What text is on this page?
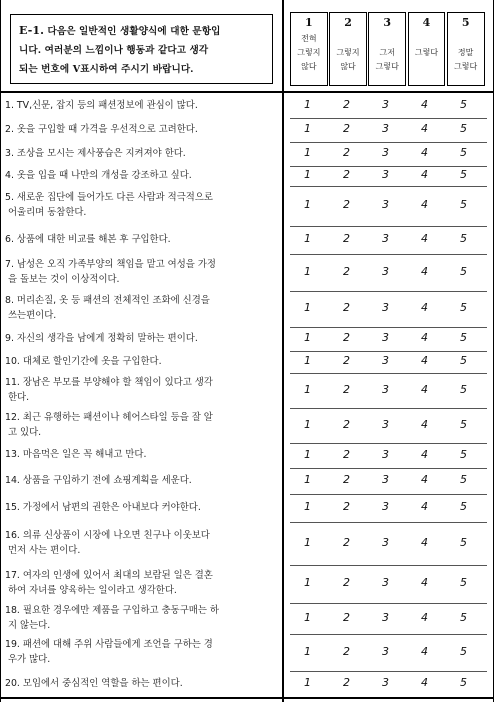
E-1. 다음은 일반적인 생활양식에 대한 문항입
니다. 여러분의 느낌이나 행동과 같다고 생각
되는 번호에 V표시하여 주시기 바랍니다.
1
전혀
그렇지
않다
2
그렇지
않다
3
그저
그렇다
4
그렇다
5
정말
그렇다
1. TV,신문, 잡지 등의 패션정보에 관심이 많다.	1	2	3	4	5
2. 옷을 구입할 때 가격을 우선적으로 고려한다.	1	2	3	4	5
3. 조상을 모시는 제사풍습은 지켜져야 한다.	1	2	3	4	5
4. 옷을 입을 때 나만의 개성을 강조하고 싶다.	1	2	3	4	5
5. 새로운 집단에 들어가도 다른 사람과 적극적으로
어울리며 동참한다.
1	2	3	4	5
6. 상품에 대한 비교를 해본 후 구입한다.	1	2	3	4	5
7. 남성은 오직 가족부양의 책임을 맡고 여성을 가정
을 돌보는 것이 이상적이다.
1	2	3	4	5
8. 머리손질, 옷 등 패션의 전체적인 조화에 신경을
쓰는편이다.
1	2	3	4	5
9. 자신의 생각을 남에게 정확히 말하는 편이다.	1	2	3	4	5
10. 대체로 할인기간에 옷을 구입한다.	1	2	3	4	5
11. 장남은 부모를 부양해야 할 책임이 있다고 생각
한다.
1	2	3	4	5
12. 최근 유행하는 패션이나 헤어스타일 등을 잘 알
고 있다.
1	2	3	4	5
13. 마음먹은 일은 꼭 해내고 만다.	1	2	3	4	5
14. 상품을 구입하기 전에 쇼핑계획을 세운다.	1	2	3	4	5
15. 가정에서 남편의 권한은 아내보다 커야한다.	1	2	3	4	5
16. 의류 신상품이 시장에 나오면 친구나 이웃보다
먼저 사는 편이다.
1	2	3	4	5
17. 여자의 인생에 있어서 최대의 보람된 일은 결혼
하여 자녀를 양육하는 일이라고 생각한다.
1	2	3	4	5
18. 필요한 경우에만 제품을 구입하고 충동구매는 하
지 않는다.
1	2	3	4	5
19. 패션에 대해 주위 사람들에게 조언을 구하는 경
우가 많다.
1	2	3	4	5
20. 모임에서 중심적인 역할을 하는 편이다.	1	2	3	4	5
